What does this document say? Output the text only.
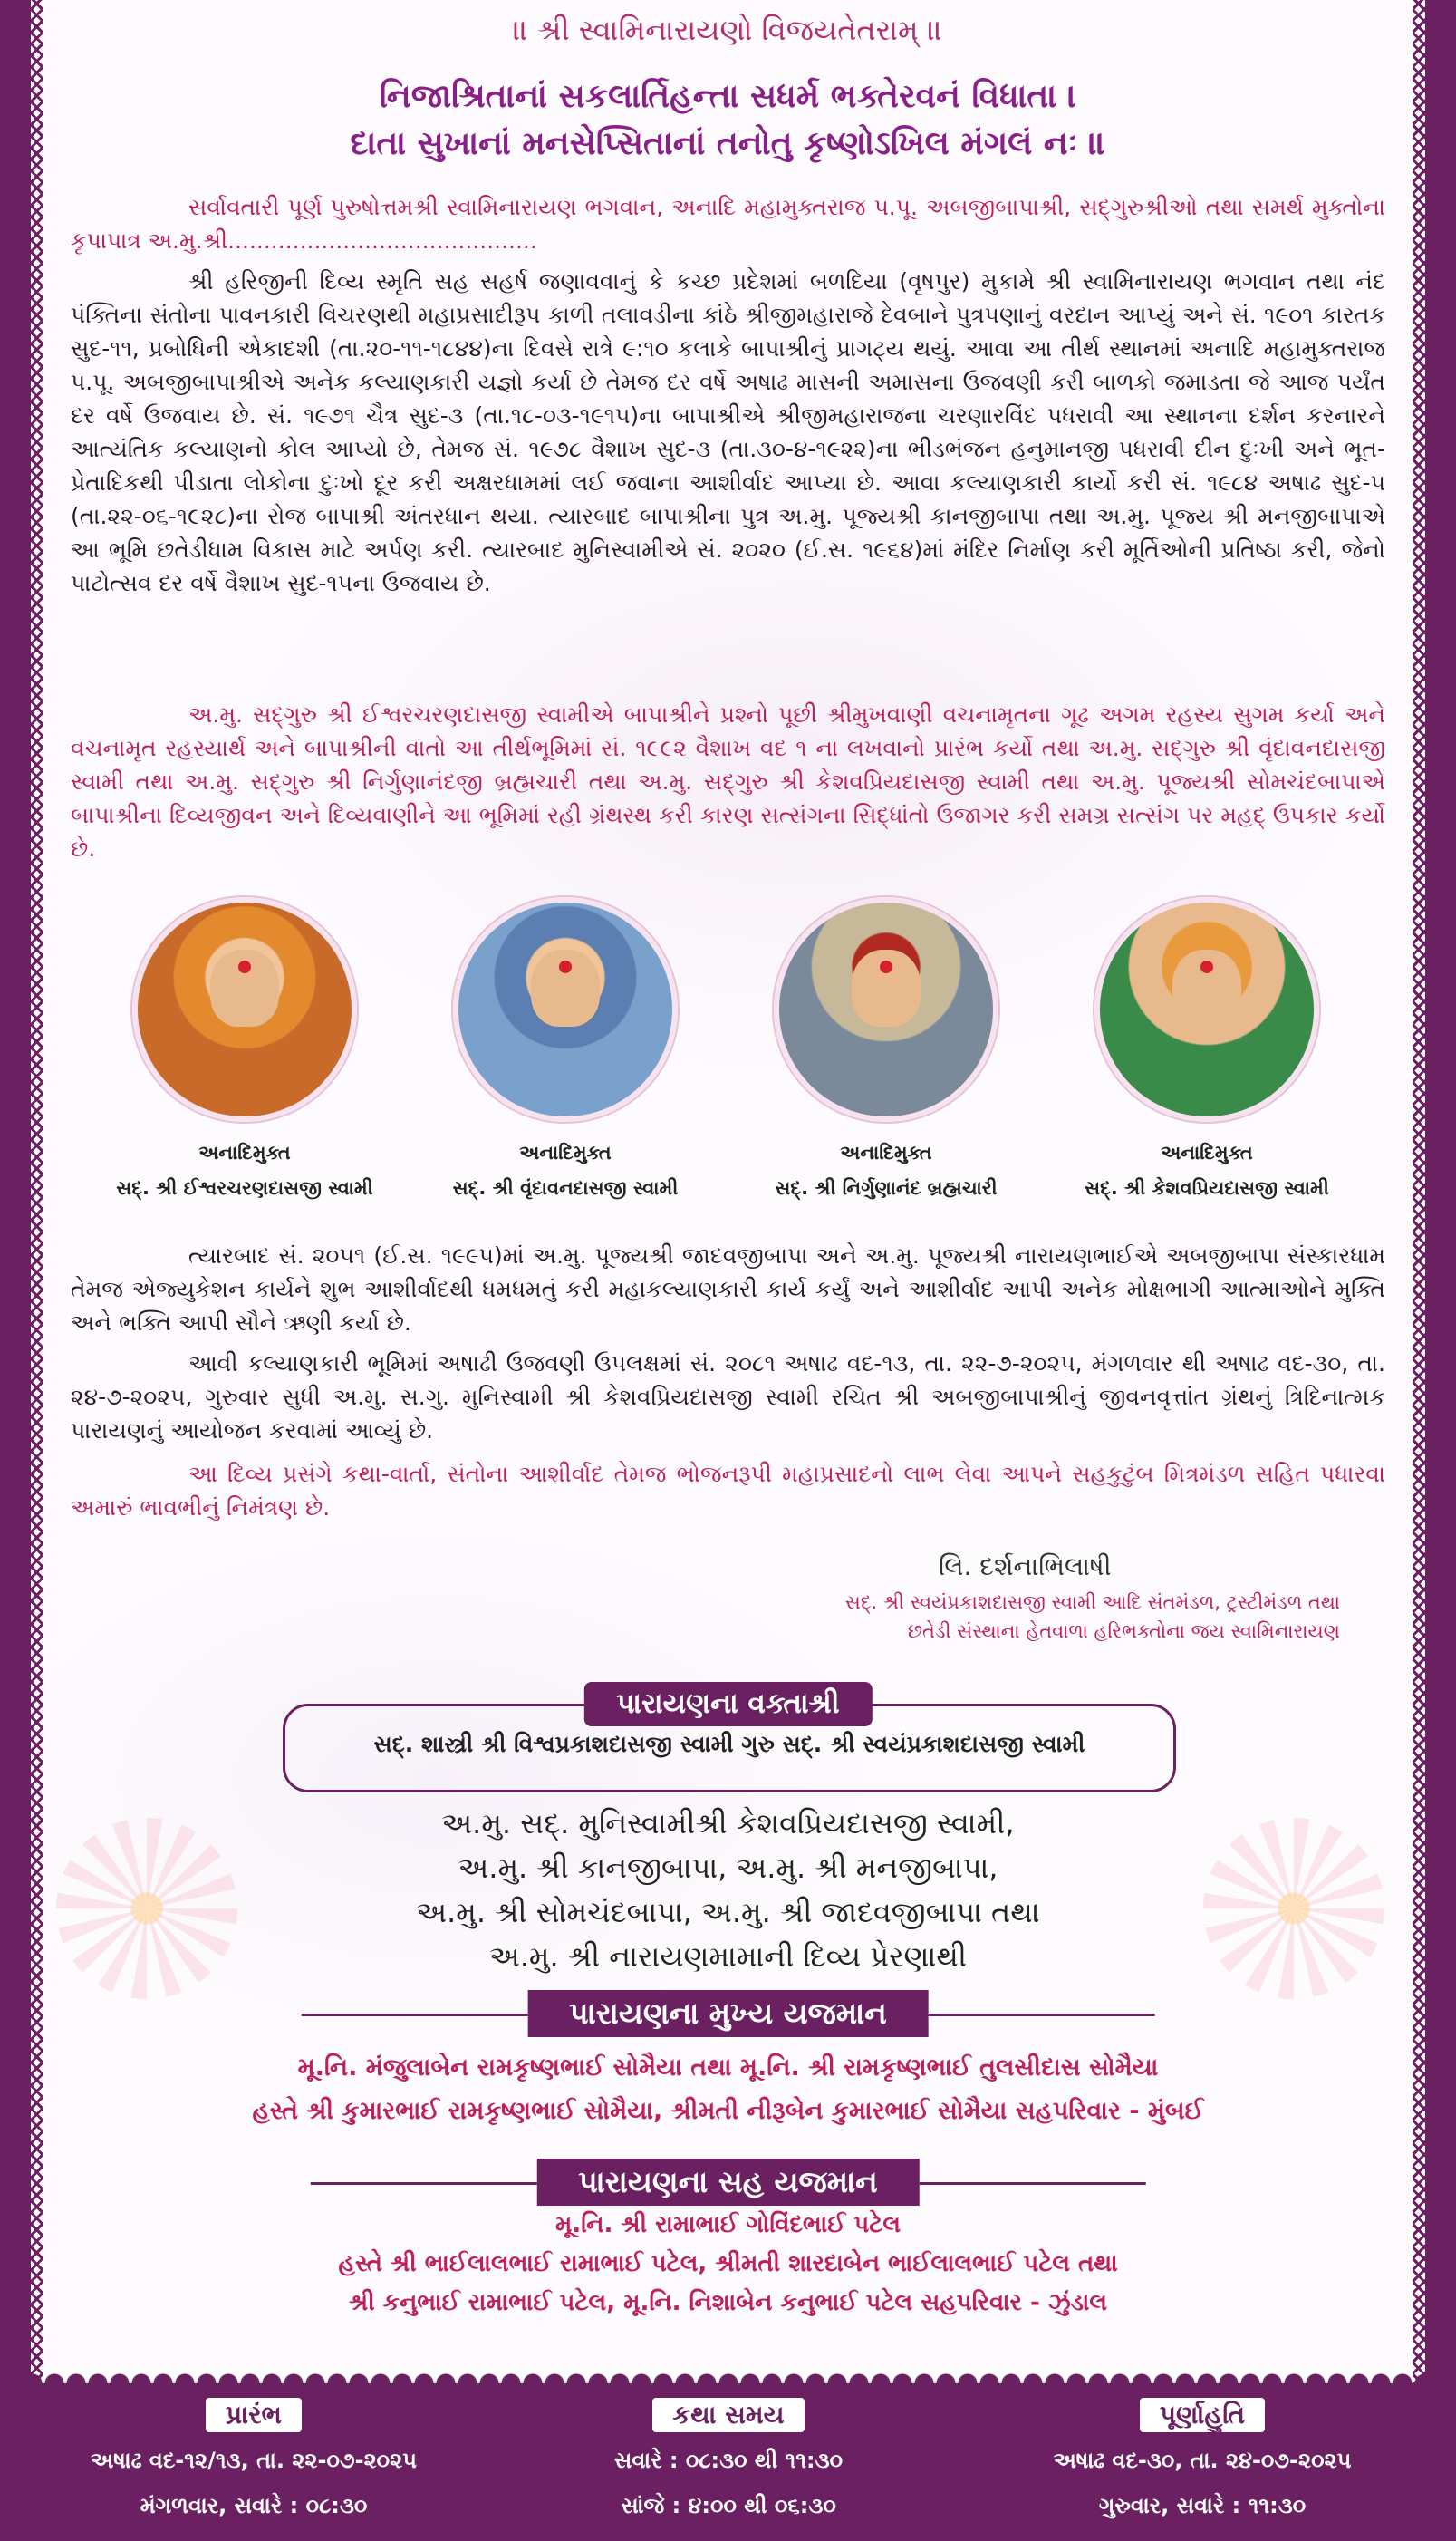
॥ શ્રી સ્વામિનારાયણો વિજયતેતરામ્ ॥
નિજાશ્રિતાનાં સકલાર્તિહન્તા સધર્મ ભક્તેરવનં વિધાતા ।
દાતા સુખાનાં મનસેપ્સિતાનાં તનોતુ કૃષ્ણોઽખિલ મંગલં નઃ ॥
સર્વાવતારી પૂર્ણ પુરુષોત્તમશ્રી સ્વામિનારાયણ ભગવાન, અનાદિ મહામુક્તરાજ પ.પૂ. અબજીબાપાશ્રી, સદ્ગુરુશ્રીઓ તથા સમર્થ મુક્તોના કૃપાપાત્ર અ.મુ.શ્રી...........................................
શ્રી હરિજીની દિવ્ય સ્મૃતિ સહ સહર્ષ જણાવવાનું કે કચ્છ પ્રદેશમાં બળદિયા (વૃષપુર) મુકામે શ્રી સ્વામિનારાયણ ભગવાન તથા નંદ પંક્તિના સંતોના પાવનકારી વિચરણથી મહાપ્રસાદીરૂપ કાળી તલાવડીના કાંઠે શ્રીજીમહારાજે દેવબાને પુત્રપણાનું વરદાન આપ્યું અને સં. ૧૯૦૧ કારતક સુદ-૧૧, પ્રબોધિની એકાદશી (તા.૨૦-૧૧-૧૮૪૪)ના દિવસે રાત્રે ૯:૧૦ કલાકે બાપાશ્રીનું પ્રાગટ્ય થયું. આવા આ તીર્થ સ્થાનમાં અનાદિ મહામુક્તરાજ પ.પૂ. અબજીબાપાશ્રીએ અનેક કલ્યાણકારી યજ્ઞો કર્યા છે તેમજ દર વર્ષે અષાઢ માસની અમાસના ઉજવણી કરી બાળકો જમાડતા જે આજ પર્યંત દર વર્ષે ઉજવાય છે. સં. ૧૯૭૧ ચૈત્ર સુદ-૩ (તા.૧૮-૦૩-૧૯૧૫)ના બાપાશ્રીએ શ્રીજીમહારાજના ચરણારવિંદ પધરાવી આ સ્થાનના દર્શન કરનારને આત્યંતિક કલ્યાણનો કોલ આપ્યો છે, તેમજ સં. ૧૯૭૮ વૈશાખ સુદ-૩ (તા.૩૦-૪-૧૯૨૨)ના ભીડભંજન હનુમાનજી પધરાવી દીન દુઃખી અને ભૂત-પ્રેતાદિકથી પીડાતા લોકોના દુઃખો દૂર કરી અક્ષરધામમાં લઈ જવાના આશીર્વાદ આપ્યા છે. આવા કલ્યાણકારી કાર્યો કરી સં. ૧૯૮૪ અષાઢ સુદ-૫ (તા.૨૨-૦૬-૧૯૨૮)ના રોજ બાપાશ્રી અંતરધાન થયા. ત્યારબાદ બાપાશ્રીના પુત્ર અ.મુ. પૂજ્યશ્રી કાનજીબાપા તથા અ.મુ. પૂજ્ય શ્રી મનજીબાપાએ આ ભૂમિ છતેડીધામ વિકાસ માટે અર્પણ કરી. ત્યારબાદ મુનિસ્વામીએ સં. ૨૦૨૦ (ઈ.સ. ૧૯૬૪)માં મંદિર નિર્માણ કરી મૂર્તિઓની પ્રતિષ્ઠા કરી, જેનો પાટોત્સવ દર વર્ષે વૈશાખ સુદ-૧૫ના ઉજવાય છે.
અ.મુ. સદ્ગુરુ શ્રી ઈશ્વરચરણદાસજી સ્વામીએ બાપાશ્રીને પ્રશ્નો પૂછી શ્રીમુખવાણી વચનામૃતના ગૂઢ અગમ રહસ્ય સુગમ કર્યા અને વચનામૃત રહસ્યાર્થ અને બાપાશ્રીની વાતો આ તીર્થભૂમિમાં સં. ૧૯૯૨ વૈશાખ વદ ૧ ના લખવાનો પ્રારંભ કર્યો તથા અ.મુ. સદ્ગુરુ શ્રી વૃંદાવનદાસજી સ્વામી તથા અ.મુ. સદ્ગુરુ શ્રી નિર્ગુણાનંદજી બ્રહ્મચારી તથા અ.મુ. સદ્ગુરુ શ્રી કેશવપ્રિયદાસજી સ્વામી તથા અ.મુ. પૂજ્યશ્રી સોમચંદબાપાએ બાપાશ્રીના દિવ્યજીવન અને દિવ્યવાણીને આ ભૂમિમાં રહી ગ્રંથસ્થ કરી કારણ સત્સંગના સિદ્ધાંતો ઉજાગર કરી સમગ્ર સત્સંગ પર મહદ્ ઉપકાર કર્યો છે.
અનાદિમુક્ત
સદ્. શ્રી ઈશ્વરચરણદાસજી સ્વામી
અનાદિમુક્ત
સદ્. શ્રી વૃંદાવનદાસજી સ્વામી
અનાદિમુક્ત
સદ્. શ્રી નિર્ગુણાનંદ બ્રહ્મચારી
અનાદિમુક્ત
સદ્. શ્રી કેશવપ્રિયદાસજી સ્વામી
ત્યારબાદ સં. ૨૦૫૧ (ઈ.સ. ૧૯૯૫)માં અ.મુ. પૂજ્યશ્રી જાદવજીબાપા અને અ.મુ. પૂજ્યશ્રી નારાયણભાઈએ અબજીબાપા સંસ્કારધામ તેમજ એજ્યુકેશન કાર્યને શુભ આશીર્વાદથી ધમધમતું કરી મહાકલ્યાણકારી કાર્ય કર્યું અને આશીર્વાદ આપી અનેક મોક્ષભાગી આત્માઓને મુક્તિ અને ભક્તિ આપી સૌને ઋણી કર્યા છે.
આવી કલ્યાણકારી ભૂમિમાં અષાઢી ઉજવણી ઉપલક્ષમાં સં. ૨૦૮૧ અષાઢ વદ-૧૩, તા. ૨૨-૭-૨૦૨૫, મંગળવાર થી અષાઢ વદ-૩૦, તા. ૨૪-૭-૨૦૨૫, ગુરુવાર સુધી અ.મુ. સ.ગુ. મુનિસ્વામી શ્રી કેશવપ્રિયદાસજી સ્વામી રચિત શ્રી અબજીબાપાશ્રીનું જીવનવૃત્તાંત ગ્રંથનું ત્રિદિનાત્મક પારાયણનું આયોજન કરવામાં આવ્યું છે.
આ દિવ્ય પ્રસંગે કથા-વાર્તા, સંતોના આશીર્વાદ તેમજ ભોજનરૂપી મહાપ્રસાદનો લાભ લેવા આપને સહકુટુંબ મિત્રમંડળ સહિત પધારવા અમારું ભાવભીનું નિમંત્રણ છે.
લિ. દર્શનાભિલાષી
સદ્. શ્રી સ્વયંપ્રકાશદાસજી સ્વામી આદિ સંતમંડળ, ટ્રસ્ટીમંડળ તથા
છતેડી સંસ્થાના હેતવાળા હરિભક્તોના જય સ્વામિનારાયણ
પારાયણના વક્તાશ્રી
સદ્. શાસ્ત્રી શ્રી વિશ્વપ્રકાશદાસજી સ્વામી ગુરુ સદ્. શ્રી સ્વયંપ્રકાશદાસજી સ્વામી
અ.મુ. સદ્. મુનિસ્વામીશ્રી કેશવપ્રિયદાસજી સ્વામી,
અ.મુ. શ્રી કાનજીબાપા, અ.મુ. શ્રી મનજીબાપા,
અ.મુ. શ્રી સોમચંદબાપા, અ.મુ. શ્રી જાદવજીબાપા તથા
અ.મુ. શ્રી નારાયણમામાની દિવ્ય પ્રેરણાથી
પારાયણના મુખ્ય યજમાન
મૂ.નિ. મંજુલાબેન રામકૃષ્ણભાઈ સોમૈયા તથા મૂ.નિ. શ્રી રામકૃષ્ણભાઈ તુલસીદાસ સોમૈયા
હસ્તે શ્રી કુમારભાઈ રામકૃષ્ણભાઈ સોમૈયા, શ્રીમતી નીરૂબેન કુમારભાઈ સોમૈયા સહપરિવાર - મુંબઈ
પારાયણના સહ યજમાન
મૂ.નિ. શ્રી રામાભાઈ ગોવિંદભાઈ પટેલ
હસ્તે શ્રી ભાઈલાલભાઈ રામાભાઈ પટેલ, શ્રીમતી શારદાબેન ભાઈલાલભાઈ પટેલ તથા
શ્રી કનુભાઈ રામાભાઈ પટેલ, મૂ.નિ. નિશાબેન કનુભાઈ પટેલ સહપરિવાર - ઝુંડાલ
પ્રારંભ
અષાઢ વદ-૧૨/૧૩, તા. ૨૨-૦૭-૨૦૨૫
મંગળવાર, સવારે : ૦૮:૩૦
કથા સમય
સવારે : ૦૮:૩૦ થી ૧૧:૩૦
સાંજે : ૪:૦૦ થી ૦૬:૩૦
પૂર્ણાહુતિ
અષાઢ વદ-૩૦, તા. ૨૪-૦૭-૨૦૨૫
ગુરુવાર, સવારે : ૧૧:૩૦
